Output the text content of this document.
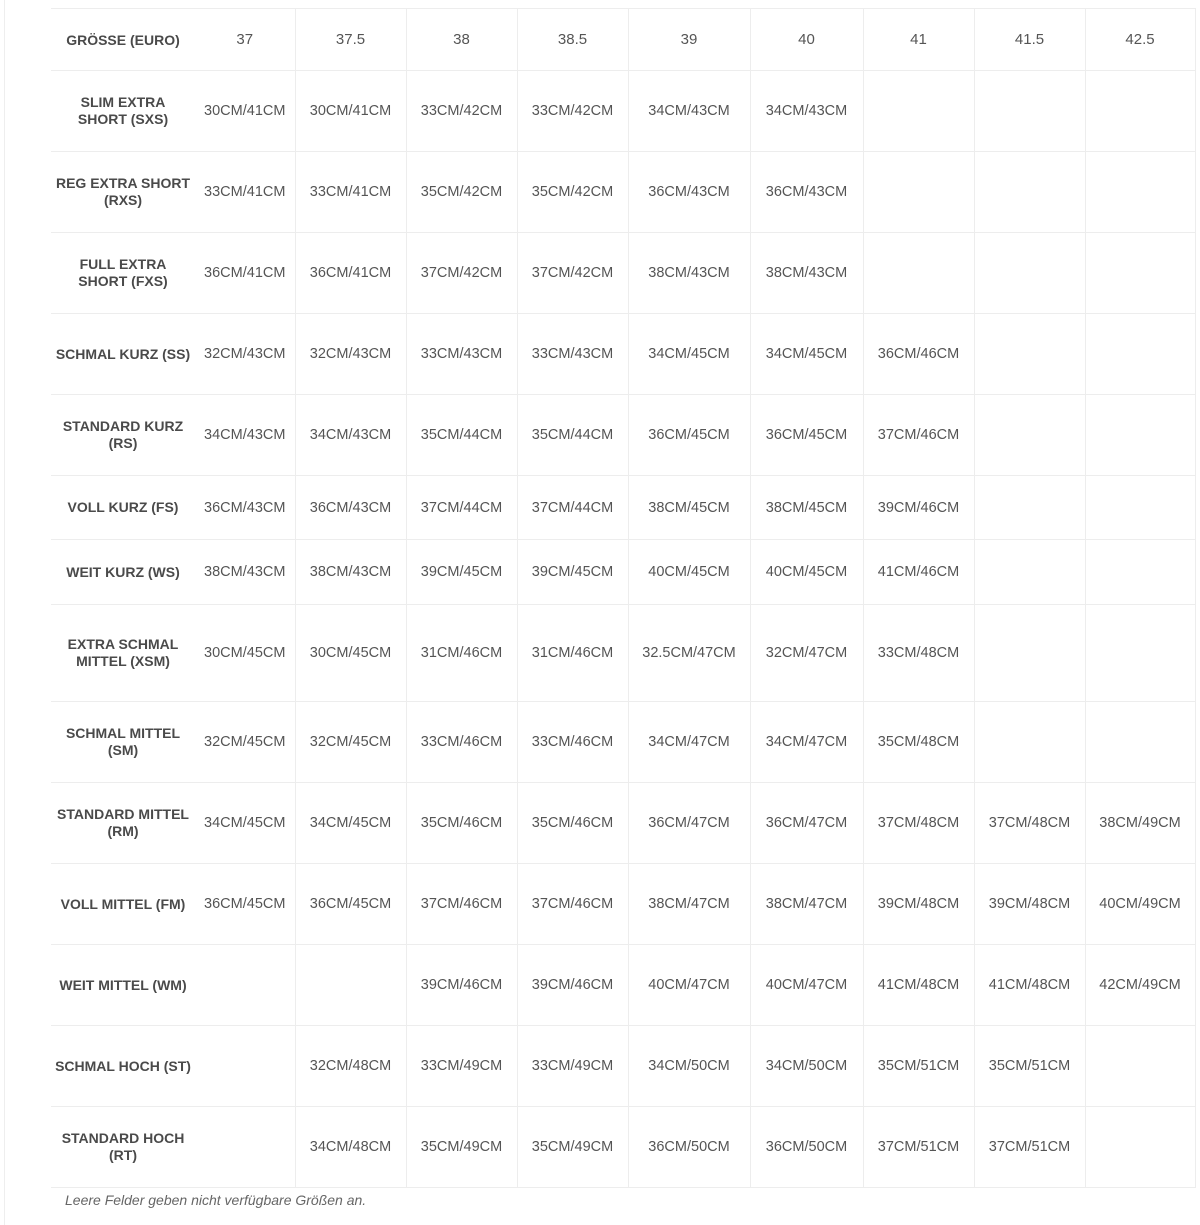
GRÖSSE (EURO)	37	37.5	38	38.5	39	40	41	41.5	42.5
SLIM EXTRA SHORT (SXS)	30CM/41CM	30CM/41CM	33CM/42CM	33CM/42CM	34CM/43CM	34CM/43CM			
REG EXTRA SHORT (RXS)	33CM/41CM	33CM/41CM	35CM/42CM	35CM/42CM	36CM/43CM	36CM/43CM			
FULL EXTRA SHORT (FXS)	36CM/41CM	36CM/41CM	37CM/42CM	37CM/42CM	38CM/43CM	38CM/43CM			
SCHMAL KURZ (SS)	32CM/43CM	32CM/43CM	33CM/43CM	33CM/43CM	34CM/45CM	34CM/45CM	36CM/46CM		
STANDARD KURZ (RS)	34CM/43CM	34CM/43CM	35CM/44CM	35CM/44CM	36CM/45CM	36CM/45CM	37CM/46CM		
VOLL KURZ (FS)	36CM/43CM	36CM/43CM	37CM/44CM	37CM/44CM	38CM/45CM	38CM/45CM	39CM/46CM		
WEIT KURZ (WS)	38CM/43CM	38CM/43CM	39CM/45CM	39CM/45CM	40CM/45CM	40CM/45CM	41CM/46CM		
EXTRA SCHMAL MITTEL (XSM)	30CM/45CM	30CM/45CM	31CM/46CM	31CM/46CM	32.5CM/47CM	32CM/47CM	33CM/48CM		
SCHMAL MITTEL (SM)	32CM/45CM	32CM/45CM	33CM/46CM	33CM/46CM	34CM/47CM	34CM/47CM	35CM/48CM		
STANDARD MITTEL (RM)	34CM/45CM	34CM/45CM	35CM/46CM	35CM/46CM	36CM/47CM	36CM/47CM	37CM/48CM	37CM/48CM	38CM/49CM
VOLL MITTEL (FM)	36CM/45CM	36CM/45CM	37CM/46CM	37CM/46CM	38CM/47CM	38CM/47CM	39CM/48CM	39CM/48CM	40CM/49CM
WEIT MITTEL (WM)			39CM/46CM	39CM/46CM	40CM/47CM	40CM/47CM	41CM/48CM	41CM/48CM	42CM/49CM
SCHMAL HOCH (ST)		32CM/48CM	33CM/49CM	33CM/49CM	34CM/50CM	34CM/50CM	35CM/51CM	35CM/51CM	
STANDARD HOCH (RT)		34CM/48CM	35CM/49CM	35CM/49CM	36CM/50CM	36CM/50CM	37CM/51CM	37CM/51CM	
Leere Felder geben nicht verfügbare Größen an.
